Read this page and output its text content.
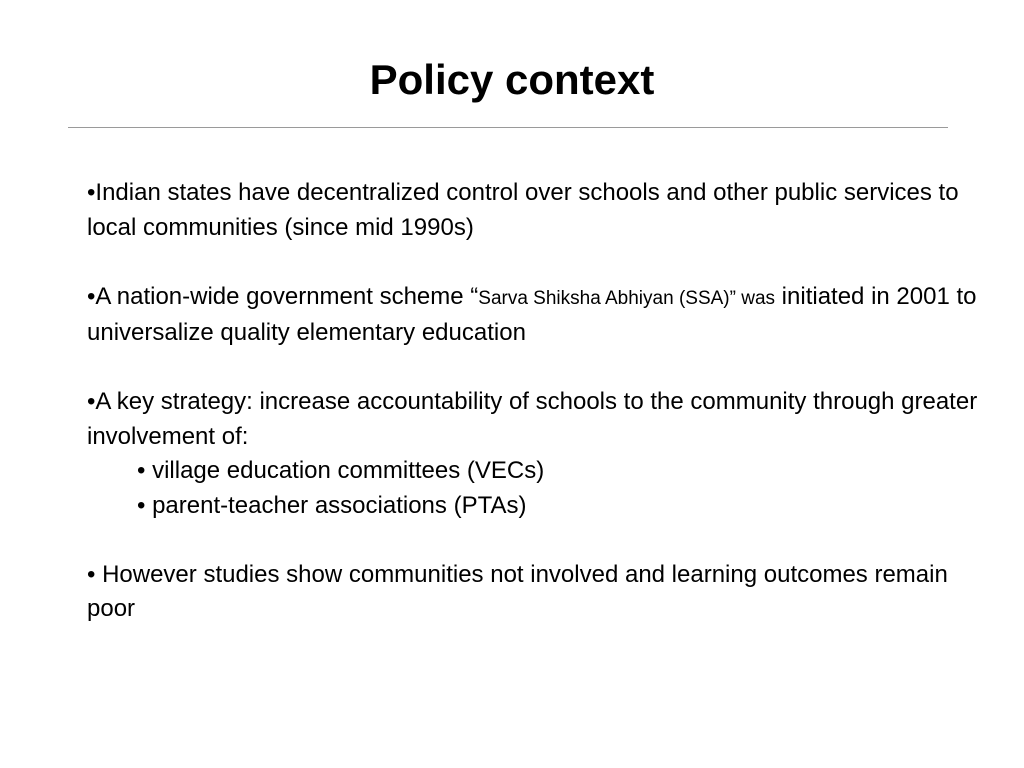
Policy context

•Indian states have decentralized control over schools and other public services to local communities (since mid 1990s)

•A nation-wide government scheme “Sarva Shiksha Abhiyan (SSA)” was initiated in 2001 to universalize quality elementary education

•A key strategy: increase accountability of schools to the community through greater involvement of:

• village education committees (VECs)

• parent-teacher associations (PTAs)

• However studies show communities not involved and learning outcomes remain poor
